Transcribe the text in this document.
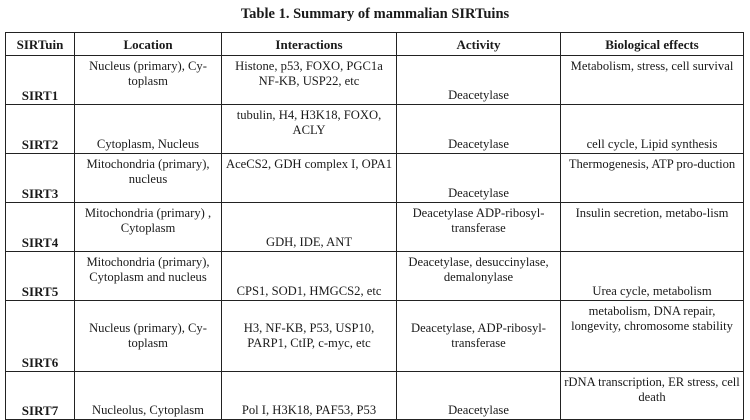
Table 1. Summary of mammalian SIRTuins
SIRTuin	Location	Interactions	Activity	Biological effects
SIRT1	Nucleus (primary), Cy-toplasm	Histone, p53, FOXO, PGC1a NF-KB, USP22, etc	Deacetylase	Metabolism, stress, cell survival
SIRT2	Cytoplasm, Nucleus	tubulin, H4, H3K18, FOXO, ACLY	Deacetylase	cell cycle, Lipid synthesis
SIRT3	Mitochondria (primary), nucleus	AceCS2, GDH complex I, OPA1	Deacetylase	Thermogenesis, ATP pro-duction
SIRT4	Mitochondria (primary) , Cytoplasm	GDH, IDE, ANT	Deacetylase ADP-ribosyl-transferase	Insulin secretion, metabo-lism
SIRT5	Mitochondria (primary), Cytoplasm and nucleus	CPS1, SOD1, HMGCS2, etc	Deacetylase, desuccinylase, demalonylase	Urea cycle, metabolism
SIRT6	Nucleus (primary), Cy-toplasm	H3, NF-KB, P53, USP10, PARP1, CtIP, c-myc, etc	Deacetylase, ADP-ribosyl-transferase	metabolism, DNA repair, longevity, chromosome stability
SIRT7	Nucleolus, Cytoplasm	Pol I, H3K18, PAF53, P53	Deacetylase	rDNA transcription, ER stress, cell death
